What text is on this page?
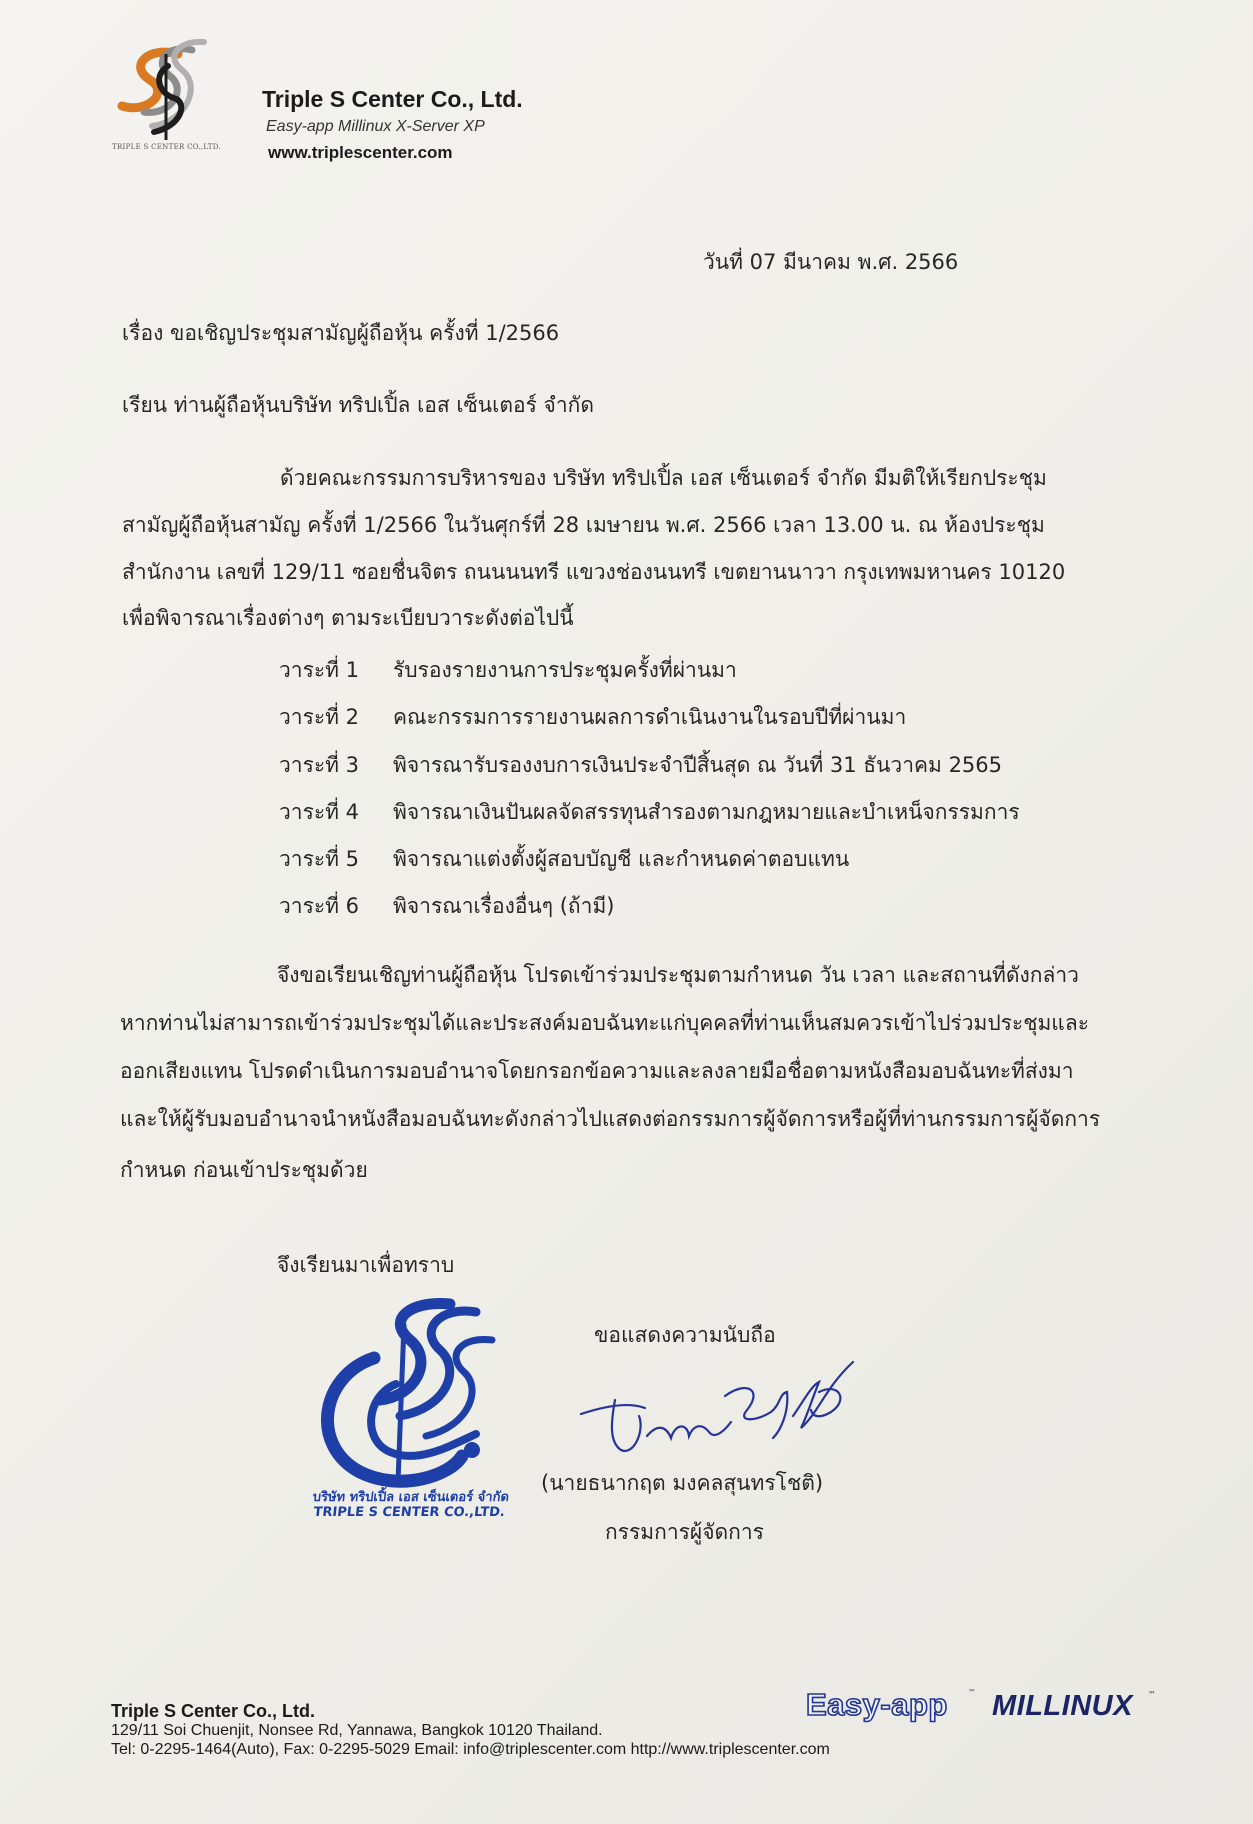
TRIPLE S CENTER CO.,LTD.
Triple S Center Co., Ltd.
Easy-app Millinux X-Server XP
www.triplescenter.com
วันที่ 07 มีนาคม พ.ศ. 2566
เรื่อง ขอเชิญประชุมสามัญผู้ถือหุ้น ครั้งที่ 1/2566
เรียน ท่านผู้ถือหุ้นบริษัท ทริปเปิ้ล เอส เซ็นเตอร์ จำกัด
ด้วยคณะกรรมการบริหารของ บริษัท ทริปเปิ้ล เอส เซ็นเตอร์ จำกัด มีมติให้เรียกประชุม
สามัญผู้ถือหุ้นสามัญ ครั้งที่ 1/2566 ในวันศุกร์ที่ 28 เมษายน พ.ศ. 2566 เวลา 13.00 น. ณ ห้องประชุม
สำนักงาน เลขที่ 129/11 ซอยชื่นจิตร ถนนนนทรี แขวงช่องนนทรี เขตยานนาวา กรุงเทพมหานคร 10120
เพื่อพิจารณาเรื่องต่างๆ ตามระเบียบวาระดังต่อไปนี้
วาระที่ 1 รับรองรายงานการประชุมครั้งที่ผ่านมา
วาระที่ 2 คณะกรรมการรายงานผลการดำเนินงานในรอบปีที่ผ่านมา
วาระที่ 3 พิจารณารับรองงบการเงินประจำปีสิ้นสุด ณ วันที่ 31 ธันวาคม 2565
วาระที่ 4 พิจารณาเงินปันผลจัดสรรทุนสำรองตามกฎหมายและบำเหน็จกรรมการ
วาระที่ 5 พิจารณาแต่งตั้งผู้สอบบัญชี และกำหนดค่าตอบแทน
วาระที่ 6 พิจารณาเรื่องอื่นๆ (ถ้ามี)
จึงขอเรียนเชิญท่านผู้ถือหุ้น โปรดเข้าร่วมประชุมตามกำหนด วัน เวลา และสถานที่ดังกล่าว
หากท่านไม่สามารถเข้าร่วมประชุมได้และประสงค์มอบฉันทะแก่บุคคลที่ท่านเห็นสมควรเข้าไปร่วมประชุมและ
ออกเสียงแทน โปรดดำเนินการมอบอำนาจโดยกรอกข้อความและลงลายมือชื่อตามหนังสือมอบฉันทะที่ส่งมา
และให้ผู้รับมอบอำนาจนำหนังสือมอบฉันทะดังกล่าวไปแสดงต่อกรรมการผู้จัดการหรือผู้ที่ท่านกรรมการผู้จัดการ
กำหนด ก่อนเข้าประชุมด้วย
จึงเรียนมาเพื่อทราบ
ขอแสดงความนับถือ
บริษัท ทริปเปิ้ล เอส เซ็นเตอร์ จำกัด
TRIPLE S CENTER CO.,LTD.
(นายธนากฤต มงคลสุนทรโชติ)
กรรมการผู้จัดการ
Triple S Center Co., Ltd.
129/11 Soi Chuenjit, Nonsee Rd, Yannawa, Bangkok 10120 Thailand.
Tel: 0-2295-1464(Auto), Fax: 0-2295-5029 Email: info@triplescenter.com http://www.triplescenter.com
Easy-app	™ MILLINUX ™
